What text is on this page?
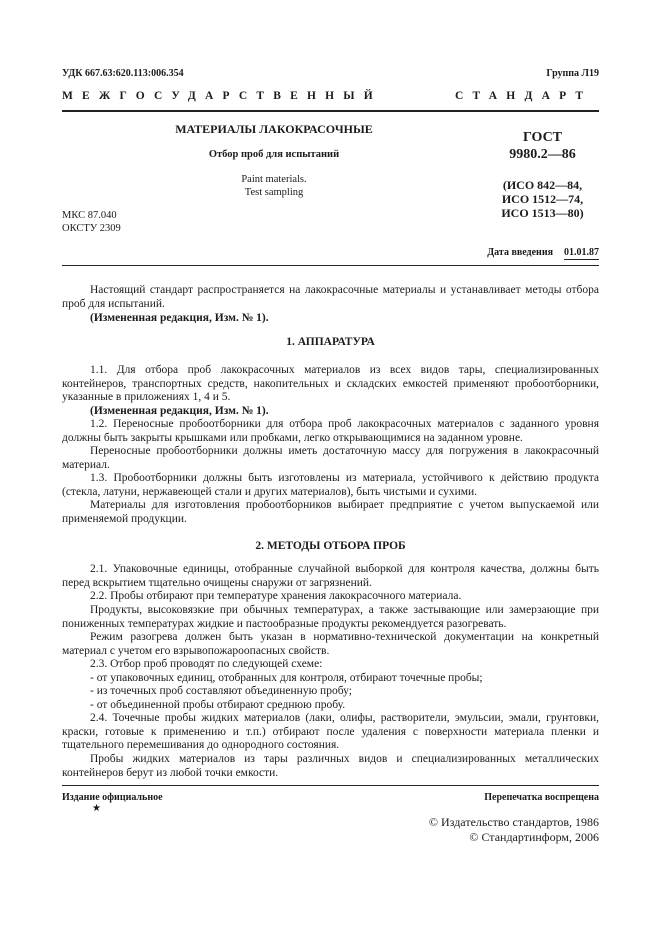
УДК 667.63:620.113:006.354	Группа Л19
МЕЖГОСУДАРСТВЕННЫЙ	СТАНДАРТ
МАТЕРИАЛЫ ЛАКОКРАСОЧНЫЕ
Отбор проб для испытаний
Paint materials.
Test sampling
МКС 87.040
ОКСТУ 2309
ГОСТ
9980.2—86
(ИСО 842—84,
ИСО 1512—74,
ИСО 1513—80)
Дата введения 01.01.87

Настоящий стандарт распространяется на лакокрасочные материалы и устанавливает методы отбора проб для испытаний.

(Измененная редакция, Изм. № 1).

1. АППАРАТУРА

1.1. Для отбора проб лакокрасочных материалов из всех видов тары, специализированных контейнеров, транспортных средств, накопительных и складских емкостей применяют пробоотборники, указанные в приложениях 1, 4 и 5.

(Измененная редакция, Изм. № 1).

1.2. Переносные пробоотборники для отбора проб лакокрасочных материалов с заданного уровня должны быть закрыты крышками или пробками, легко открывающимися на заданном уровне.

Переносные пробоотборники должны иметь достаточную массу для погружения в лакокрасочный материал.

1.3. Пробоотборники должны быть изготовлены из материала, устойчивого к действию продукта (стекла, латуни, нержавеющей стали и других материалов), быть чистыми и сухими.

Материалы для изготовления пробоотборников выбирает предприятие с учетом выпускаемой или применяемой продукции.

2. МЕТОДЫ ОТБОРА ПРОБ

2.1. Упаковочные единицы, отобранные случайной выборкой для контроля качества, должны быть перед вскрытием тщательно очищены снаружи от загрязнений.

2.2. Пробы отбирают при температуре хранения лакокрасочного материала.

Продукты, высоковязкие при обычных температурах, а также застывающие или замерзающие при пониженных температурах жидкие и пастообразные продукты рекомендуется разогревать.

Режим разогрева должен быть указан в нормативно-технической документации на конкретный материал с учетом его взрывопожароопасных свойств.

2.3. Отбор проб проводят по следующей схеме:

- от упаковочных единиц, отобранных для контроля, отбирают точечные пробы;

- из точечных проб составляют объединенную пробу;

- от объединенной пробы отбирают среднюю пробу.

2.4. Точечные пробы жидких материалов (лаки, олифы, растворители, эмульсии, эмали, грунтовки, краски, готовые к применению и т.п.) отбирают после удаления с поверхности материала пленки и тщательного перемешивания до однородного состояния.

Пробы жидких материалов из тары различных видов и специализированных металлических контейнеров берут из любой точки емкости.

Издание официальное
★
Перепечатка воспрещена
© Издательство стандартов, 1986
© Стандартинформ, 2006
